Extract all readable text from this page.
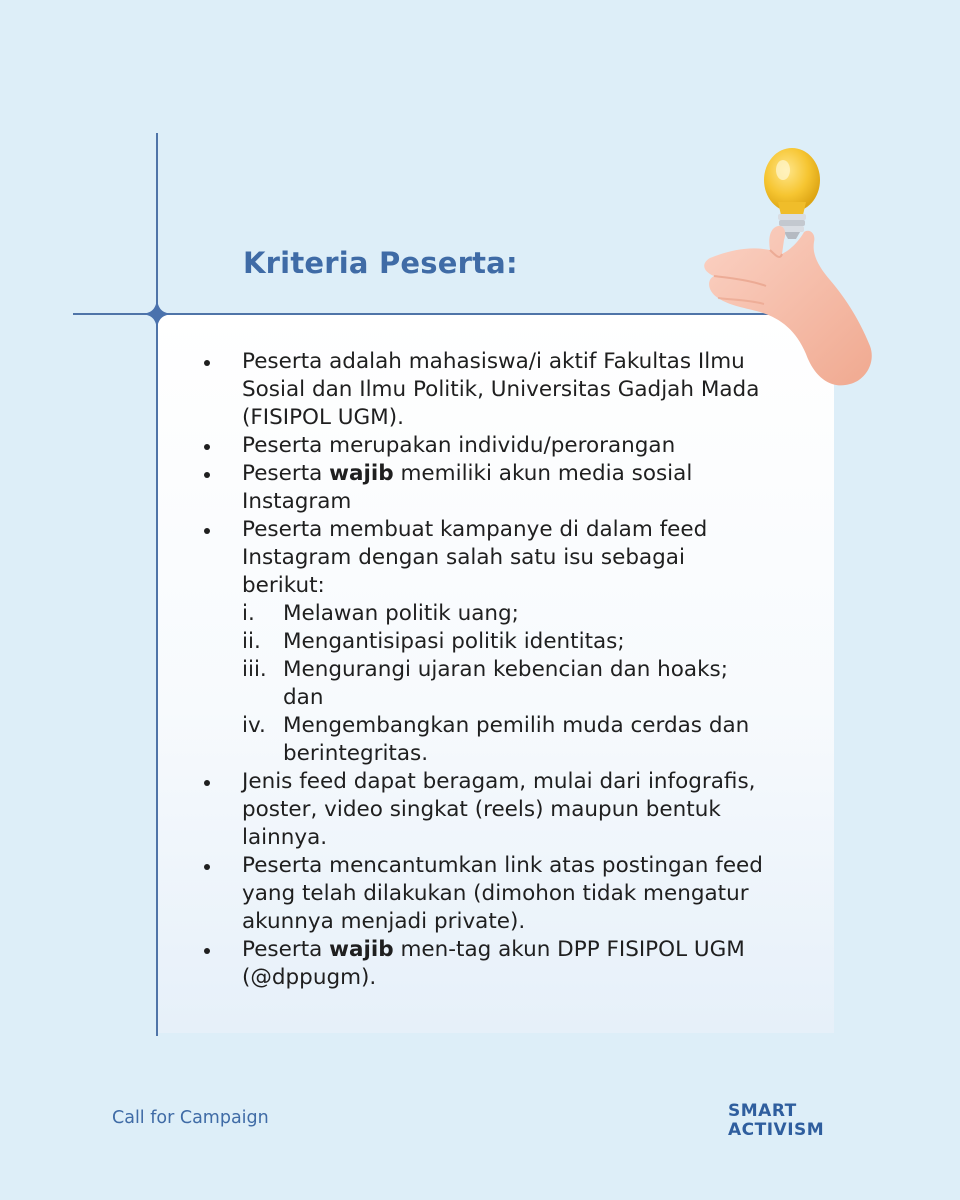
Kriteria Peserta:
Peserta adalah mahasiswa/i aktif Fakultas Ilmu Sosial dan Ilmu Politik, Universitas Gadjah Mada (FISIPOL UGM).
Peserta merupakan individu/perorangan
Peserta wajib memiliki akun media sosial Instagram
Peserta membuat kampanye di dalam feed Instagram dengan salah satu isu sebagai berikut:
i. Melawan politik uang;
ii. Mengantisipasi politik identitas;
iii. Mengurangi ujaran kebencian dan hoaks; dan
iv. Mengembangkan pemilih muda cerdas dan berintegritas.
Jenis feed dapat beragam, mulai dari infografis, poster, video singkat (reels) maupun bentuk lainnya.
Peserta mencantumkan link atas postingan feed yang telah dilakukan (dimohon tidak mengatur akunnya menjadi private).
Peserta wajib men-tag akun DPP FISIPOL UGM (@dppugm).
Call for Campaign	SMART
ACTIVISM
